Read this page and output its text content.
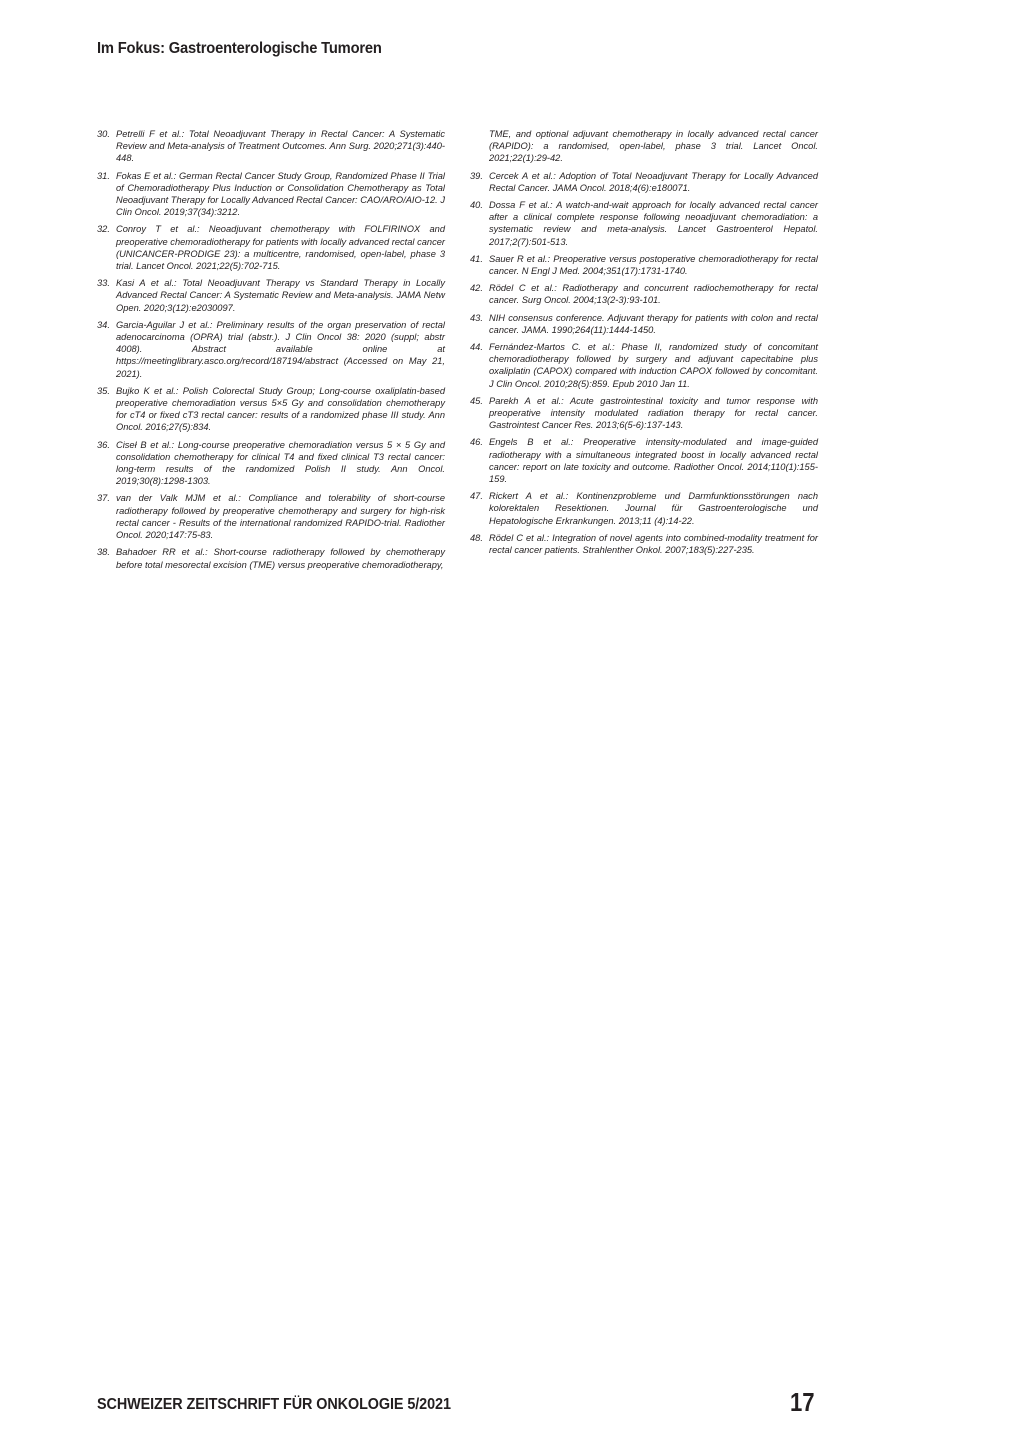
Im Fokus: Gastroenterologische Tumoren
30. Petrelli F et al.: Total Neoadjuvant Therapy in Rectal Cancer: A Systematic Review and Meta-analysis of Treatment Outcomes. Ann Surg. 2020;271(3):440-448.
31. Fokas E et al.: German Rectal Cancer Study Group, Randomized Phase II Trial of Chemoradiotherapy Plus Induction or Consolidation Chemotherapy as Total Neoadjuvant Therapy for Locally Advanced Rectal Cancer: CAO/ARO/AIO-12. J Clin Oncol. 2019;37(34):3212.
32. Conroy T et al.: Neoadjuvant chemotherapy with FOLFIRINOX and preoperative chemoradiotherapy for patients with locally advanced rectal cancer (UNICANCER-PRODIGE 23): a multicentre, randomised, open-label, phase 3 trial. Lancet Oncol. 2021;22(5):702-715.
33. Kasi A et al.: Total Neoadjuvant Therapy vs Standard Therapy in Locally Advanced Rectal Cancer: A Systematic Review and Meta-analysis. JAMA Netw Open. 2020;3(12):e2030097.
34. Garcia-Aguilar J et al.: Preliminary results of the organ preservation of rectal adenocarcinoma (OPRA) trial (abstr.). J Clin Oncol 38: 2020 (suppl; abstr 4008). Abstract available online at https://meetinglibrary.asco.org/record/187194/abstract (Accessed on May 21, 2021).
35. Bujko K et al.: Polish Colorectal Study Group; Long-course oxaliplatin-based preoperative chemoradiation versus 5×5 Gy and consolidation chemotherapy for cT4 or fixed cT3 rectal cancer: results of a randomized phase III study. Ann Oncol. 2016;27(5):834.
36. Ciseł B et al.: Long-course preoperative chemoradiation versus 5 × 5 Gy and consolidation chemotherapy for clinical T4 and fixed clinical T3 rectal cancer: long-term results of the randomized Polish II study. Ann Oncol. 2019;30(8):1298-1303.
37. van der Valk MJM et al.: Compliance and tolerability of short-course radiotherapy followed by preoperative chemotherapy and surgery for high-risk rectal cancer - Results of the international randomized RAPIDO-trial. Radiother Oncol. 2020;147:75-83.
38. Bahadoer RR et al.: Short-course radiotherapy followed by chemotherapy before total mesorectal excision (TME) versus preoperative chemoradiotherapy,
TME, and optional adjuvant chemotherapy in locally advanced rectal cancer (RAPIDO): a randomised, open-label, phase 3 trial. Lancet Oncol. 2021;22(1):29-42.
39. Cercek A et al.: Adoption of Total Neoadjuvant Therapy for Locally Advanced Rectal Cancer. JAMA Oncol. 2018;4(6):e180071.
40. Dossa F et al.: A watch-and-wait approach for locally advanced rectal cancer after a clinical complete response following neoadjuvant chemoradiation: a systematic review and meta-analysis. Lancet Gastroenterol Hepatol. 2017;2(7):501-513.
41. Sauer R et al.: Preoperative versus postoperative chemoradiotherapy for rectal cancer. N Engl J Med. 2004;351(17):1731-1740.
42. Rödel C et al.: Radiotherapy and concurrent radiochemotherapy for rectal cancer. Surg Oncol. 2004;13(2-3):93-101.
43. NIH consensus conference. Adjuvant therapy for patients with colon and rectal cancer. JAMA. 1990;264(11):1444-1450.
44. Fernández-Martos C. et al.: Phase II, randomized study of concomitant chemoradiotherapy followed by surgery and adjuvant capecitabine plus oxaliplatin (CAPOX) compared with induction CAPOX followed by concomitant. J Clin Oncol. 2010;28(5):859. Epub 2010 Jan 11.
45. Parekh A et al.: Acute gastrointestinal toxicity and tumor response with preoperative intensity modulated radiation therapy for rectal cancer. Gastrointest Cancer Res. 2013;6(5-6):137-143.
46. Engels B et al.: Preoperative intensity-modulated and image-guided radiotherapy with a simultaneous integrated boost in locally advanced rectal cancer: report on late toxicity and outcome. Radiother Oncol. 2014;110(1):155-159.
47. Rickert A et al.: Kontinenzprobleme und Darmfunktionsstörungen nach kolorektalen Resektionen. Journal für Gastroenterologische und Hepatologische Erkrankungen. 2013;11 (4):14-22.
48. Rödel C et al.: Integration of novel agents into combined-modality treatment for rectal cancer patients. Strahlenther Onkol. 2007;183(5):227-235.
SCHWEIZER ZEITSCHRIFT FÜR ONKOLOGIE 5/2021	17
